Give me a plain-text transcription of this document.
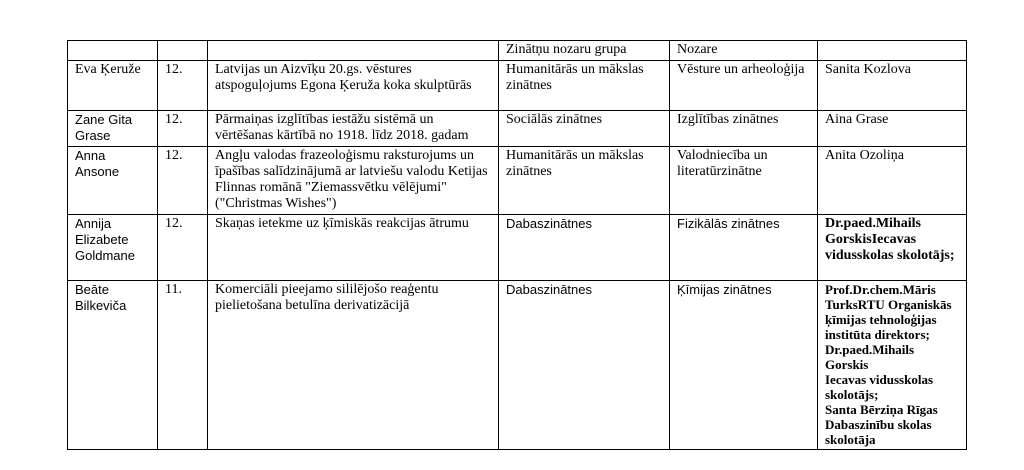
			Zinātņu nozaru grupa	Nozare	
Eva Ķeruže	12.	Latvijas un Aizvīķu 20.gs. vēstures atspoguļojums Egona Ķeruža koka skulptūrās	Humanitārās un mākslas zinātnes	Vēsture un arheoloģija	Sanita Kozlova

Zane Gita Grase	12.	Pārmaiņas izglītības iestāžu sistēmā un vērtēšanas kārtībā no 1918. līdz 2018. gadam	Sociālās zinātnes	Izglītības zinātnes	Aina Grase

Anna Ansone	12.	Angļu valodas frazeoloģismu raksturojums un īpašības salīdzinājumā ar latviešu valodu Ketijas Flinnas romānā "Ziemassvētku vēlējumi"("Christmas Wishes")	Humanitārās un mākslas zinātnes	Valodniecība un literatūrzinātne	Anita Ozoliņa

Annija Elizabete Goldmane	12.	Skaņas ietekme uz ķīmiskās reakcijas ātrumu	Dabaszinātnes	Fizikālās zinātnes	Dr.paed.Mihails GorskisIecavas vidusskolas skolotājs;
Beāte Bilkeviča	11.	Komerciāli pieejamo sililējošo reaģentu pielietošana betulīna derivatizācijā	Dabaszinātnes	Ķīmijas zinātnes	Prof.Dr.chem.Māris TurksRTU Organiskās ķīmijas tehnoloģijas institūta direktors;
Dr.paed.Mihails Gorskis
Iecavas vidusskolas skolotājs;
Santa Bērziņa Rīgas Dabaszinību skolas skolotāja
